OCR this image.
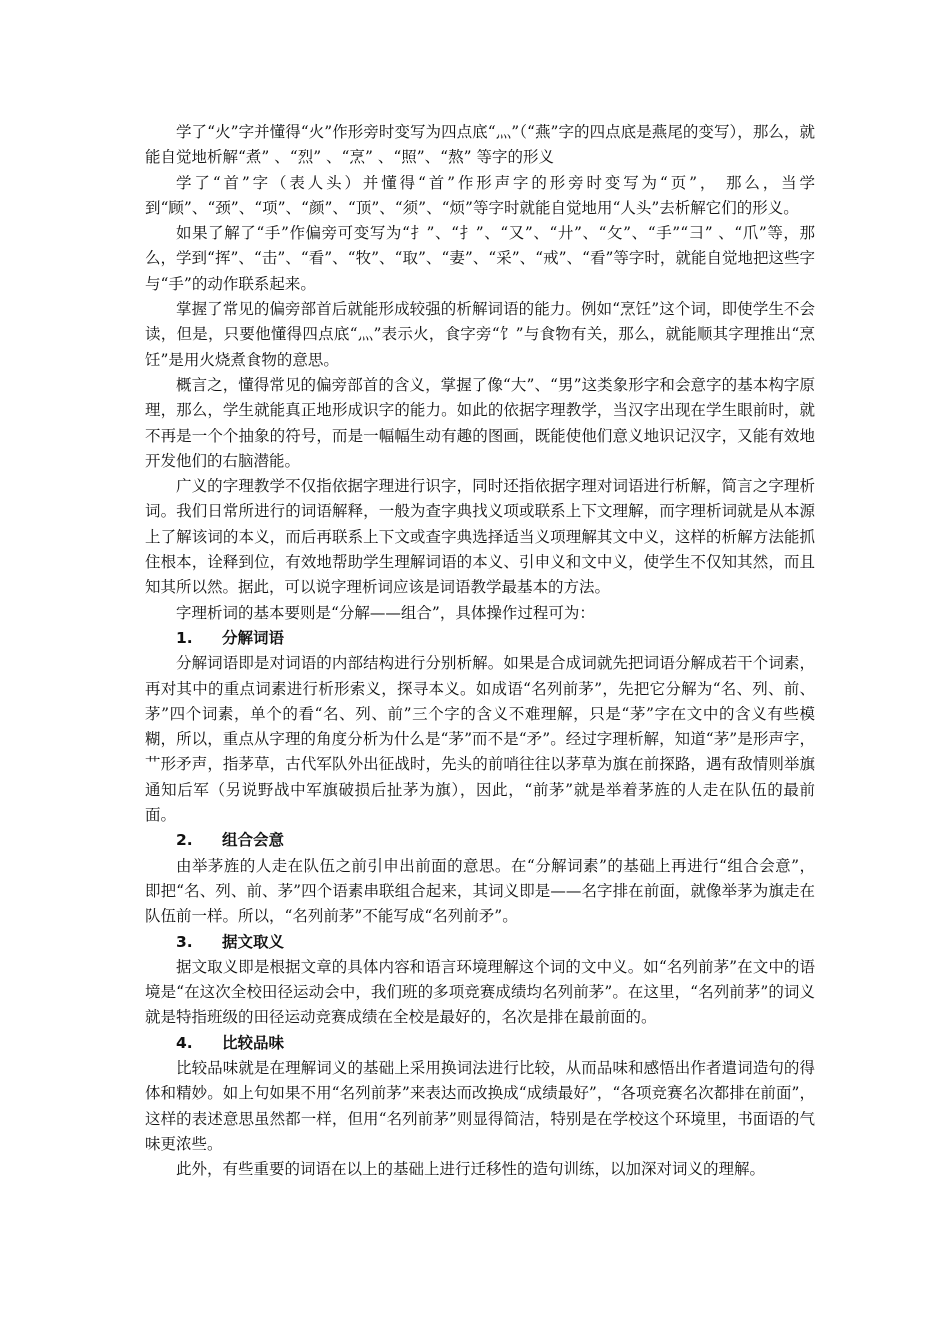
学了“火”字并懂得“火”作形旁时变写为四点底“灬”（“燕”字的四点底是燕尾的变写），那么，就能自觉地析解“煮” 、“烈” 、“烹” 、“照”、“熬” 等字的形义

学了“首”字（表人头）并懂得“首”作形声字的形旁时变写为“页”， 那么，当学到“顾”、“颈”、“项”、“颜”、“顶”、“须”、“烦”等字时就能自觉地用“人头”去析解它们的形义。

如果了解了“手”作偏旁可变写为“扌”、“扌”、“又”、“廾”、“攵”、“手”“彐” 、“爪”等，那么，学到“挥”、“击”、“看”、“牧”、“取”、“妻”、“采”、“戒”、“看”等字时，就能自觉地把这些字与“手”的动作联系起来。

掌握了常见的偏旁部首后就能形成较强的析解词语的能力。例如“烹饪”这个词，即使学生不会读，但是，只要他懂得四点底“灬”表示火，食字旁“饣”与食物有关，那么，就能顺其字理推出“烹饪”是用火烧煮食物的意思。

概言之，懂得常见的偏旁部首的含义，掌握了像“大”、“男”这类象形字和会意字的基本构字原理，那么，学生就能真正地形成识字的能力。如此的依据字理教学，当汉字出现在学生眼前时，就不再是一个个抽象的符号，而是一幅幅生动有趣的图画，既能使他们意义地识记汉字，又能有效地开发他们的右脑潜能。

广义的字理教学不仅指依据字理进行识字，同时还指依据字理对词语进行析解，简言之字理析词。我们日常所进行的词语解释，一般为查字典找义项或联系上下文理解，而字理析词就是从本源上了解该词的本义，而后再联系上下文或查字典选择适当义项理解其文中义，这样的析解方法能抓住根本，诠释到位，有效地帮助学生理解词语的本义、引申义和文中义，使学生不仅知其然，而且知其所以然。据此，可以说字理析词应该是词语教学最基本的方法。

字理析词的基本要则是“分解——组合”，具体操作过程可为：

1. 分解词语

分解词语即是对词语的内部结构进行分别析解。如果是合成词就先把词语分解成若干个词素，再对其中的重点词素进行析形索义，探寻本义。如成语“名列前茅”，先把它分解为“名、列、前、茅”四个词素，单个的看“名、列、前”三个字的含义不难理解，只是“茅”字在文中的含义有些模糊，所以，重点从字理的角度分析为什么是“茅”而不是“矛”。经过字理析解，知道“茅”是形声字，艹形矛声，指茅草，古代军队外出征战时，先头的前哨往往以茅草为旗在前探路，遇有敌情则举旗通知后军（另说野战中军旗破损后扯茅为旗），因此，“前茅”就是举着茅旌的人走在队伍的最前面。

2. 组合会意

由举茅旌的人走在队伍之前引申出前面的意思。在“分解词素”的基础上再进行“组合会意”， 即把“名、列、前、茅”四个语素串联组合起来，其词义即是——名字排在前面，就像举茅为旗走在队伍前一样。所以，“名列前茅”不能写成“名列前矛”。

3. 据文取义

据文取义即是根据文章的具体内容和语言环境理解这个词的文中义。如“名列前茅”在文中的语境是“在这次全校田径运动会中，我们班的多项竞赛成绩均名列前茅”。在这里，“名列前茅”的词义就是特指班级的田径运动竞赛成绩在全校是最好的，名次是排在最前面的。

4. 比较品味

比较品味就是在理解词义的基础上采用换词法进行比较，从而品味和感悟出作者遣词造句的得体和精妙。如上句如果不用“名列前茅”来表达而改换成“成绩最好”，“各项竞赛名次都排在前面”，这样的表述意思虽然都一样，但用“名列前茅”则显得简洁，特别是在学校这个环境里，书面语的气味更浓些。

此外，有些重要的词语在以上的基础上进行迁移性的造句训练，以加深对词义的理解。
